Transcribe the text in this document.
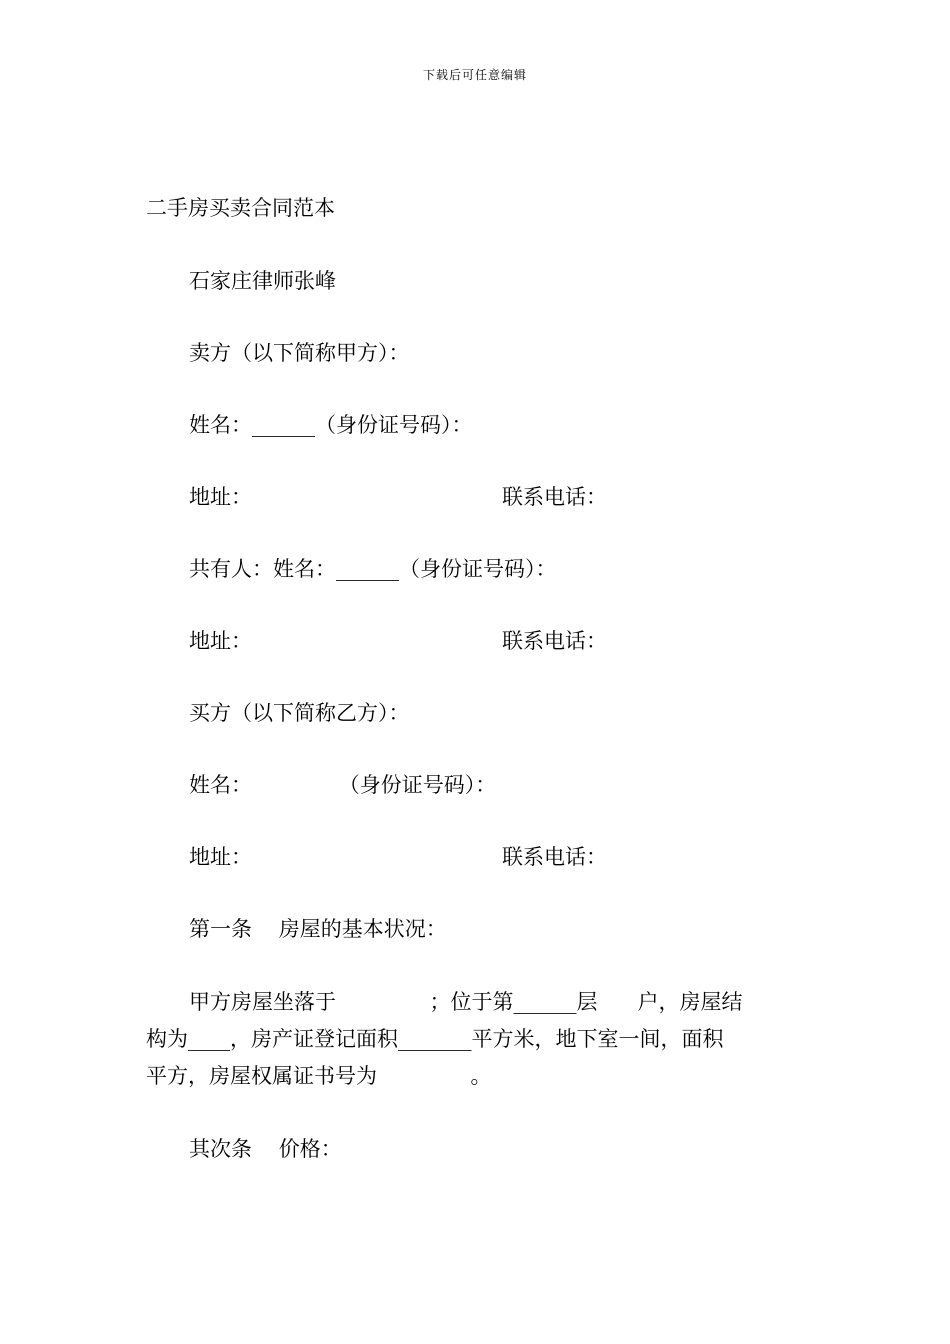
下载后可任意编辑
二手房买卖合同范本
石家庄律师张峰
卖方（以下简称甲方）：
姓名：______（身份证号码）：
地址：	联系电话：
共有人：姓名：______（身份证号码）：
地址：	联系电话：
买方（以下简称乙方）：
姓名：             （身份证号码）：
地址：	联系电话：
第一条    房屋的基本状况：

甲方房屋坐落于              ；位于第______层      户，房屋结

构为____，房产证登记面积_______平方米，地下室一间，面积

平方，房屋权属证书号为              。

其次条    价格：
